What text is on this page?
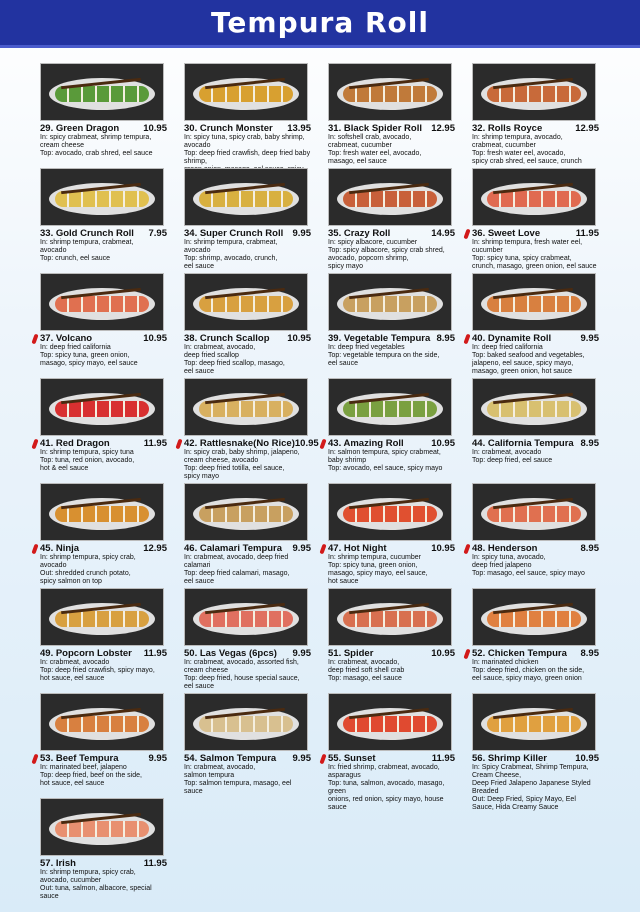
Tempura Roll
29. Green Dragon	10.95
In: spicy crabmeat, shrimp tempura,
cream cheese
Top: avocado, crab shred, eel sauce
30. Crunch Monster 13.95
In: spicy tuna, spicy crab, baby shrimp, avocado
Top: deep fried crawfish, deep fried baby shrimp,
31. Black Spider Roll 12.95
In: softshell crab, avocado,
crabmeat, cucumber
Top: fresh water eel, avocado,
masago, eel sauce
32. Rolls Royce	12.95
In: shrimp tempura, avocado,
crabmeat, cucumber
Top: fresh water eel, avocado,
spicy crab shred, eel sauce, crunch
33. Gold Crunch Roll 7.95
In: shrimp tempura, crabmeat,
avocado
Top: crunch, eel sauce
34. Super Crunch Roll 9.95
In: shrimp tempura, crabmeat,
avocado
Top: shrimp, avocado, crunch,
eel sauce
35. Crazy Roll	14.95
In: spicy albacore, cucumber
Top: spicy albacore, spicy crab shred,
avocado, popcorn shrimp,
spicy mayo
36. Sweet Love	11.95
In: shrimp tempura, fresh water eel,
cucumber
Top: spicy tuna, spicy crabmeat,
crunch, masago, green onion, eel sauce
37. Volcano	10.95
In: deep fried california
Top: spicy tuna, green onion,
masago, spicy mayo, eel sauce
38. Crunch Scallop 10.95
In: crabmeat, avocado,
deep fried scallop
Top: deep fried scallop, masago,
eel sauce
39. Vegetable Tempura 8.95
In: deep fried vegetables
Top: vegetable tempura on the side,
eel sauce
40. Dynamite Roll	9.95
In: deep fried california
Top: baked seafood and vegetables,
jalapeno, eel sauce, spicy mayo,
masago, green onion, hot sauce
41. Red Dragon	11.95
In: shrimp tempura, spicy tuna
Top: tuna, red onion, avocado,
hot & eel sauce
42. Rattlesnake(No Rice) 10.95
In: spicy crab, baby shrimp, jalapeno,
cream cheese, avocado
Top: deep fried totilla, eel sauce,
spicy mayo
43. Amazing Roll	10.95
In: salmon tempura, spicy crabmeat,
baby shrimp
Top: avocado, eel sauce, spicy mayo
44. California Tempura 8.95
In: crabmeat, avocado
Top: deep fried, eel sauce
45. Ninja	12.95
In: shrimp tempura, spicy crab,
avocado
Out: shredded crunch potato,
spicy salmon on top
46. Calamari Tempura 9.95
In: crabmeat, avocado, deep fried
calamari
Top: deep fried calamari, masago,
eel sauce
47. Hot Night	10.95
In: shrimp tempura, cucumber
Top: spicy tuna, green onion,
masago, spicy mayo, eel sauce,
hot sauce
48. Henderson	8.95
In: spicy tuna, avocado,
deep fried jalapeno
Top: masago, eel sauce, spicy mayo
49. Popcorn Lobster 11.95
In: crabmeat, avocado
Top: deep fried crawfish, spicy mayo,
hot sauce, eel sauce
50. Las Vegas (6pcs) 9.95
In: crabmeat, avocado, assorted fish,
cream cheese
Top: deep fried, house special sauce,
eel sauce
51. Spider	10.95
In: crabmeat, avocado,
deep fried soft shell crab
Top: masago, eel sauce
52. Chicken Tempura 8.95
In: marinated chicken
Top: deep fried, chicken on the side,
eel sauce, spicy mayo, green onion
53. Beef Tempura	9.95
In: marinated beef, jalapeno
Top: deep fried, beef on the side,
hot sauce, eel sauce
54. Salmon Tempura 9.95
In: crabmeat, avocado,
salmon tempura
Top: salmon tempura, masago, eel sauce
55. Sunset	11.95
In: fried shrimp, crabmeat, avocado, asparagus
Top: tuna, salmon, avocado, masago, green
onions, red onion, spicy mayo, house sauce
56. Shrimp Killer	10.95
In: Spicy Crabmeat, Shrimp Tempura, Cream Cheese,
Deep Fried Jalapeno Japanese Styled Breaded
Out: Deep Fried, Spicy Mayo, Eel Sauce, Hida Creamy Sauce
57. Irish	11.95
In: shrimp tempura, spicy crab,
avocado, cucumber
Out: tuna, salmon, albacore, special sauce
